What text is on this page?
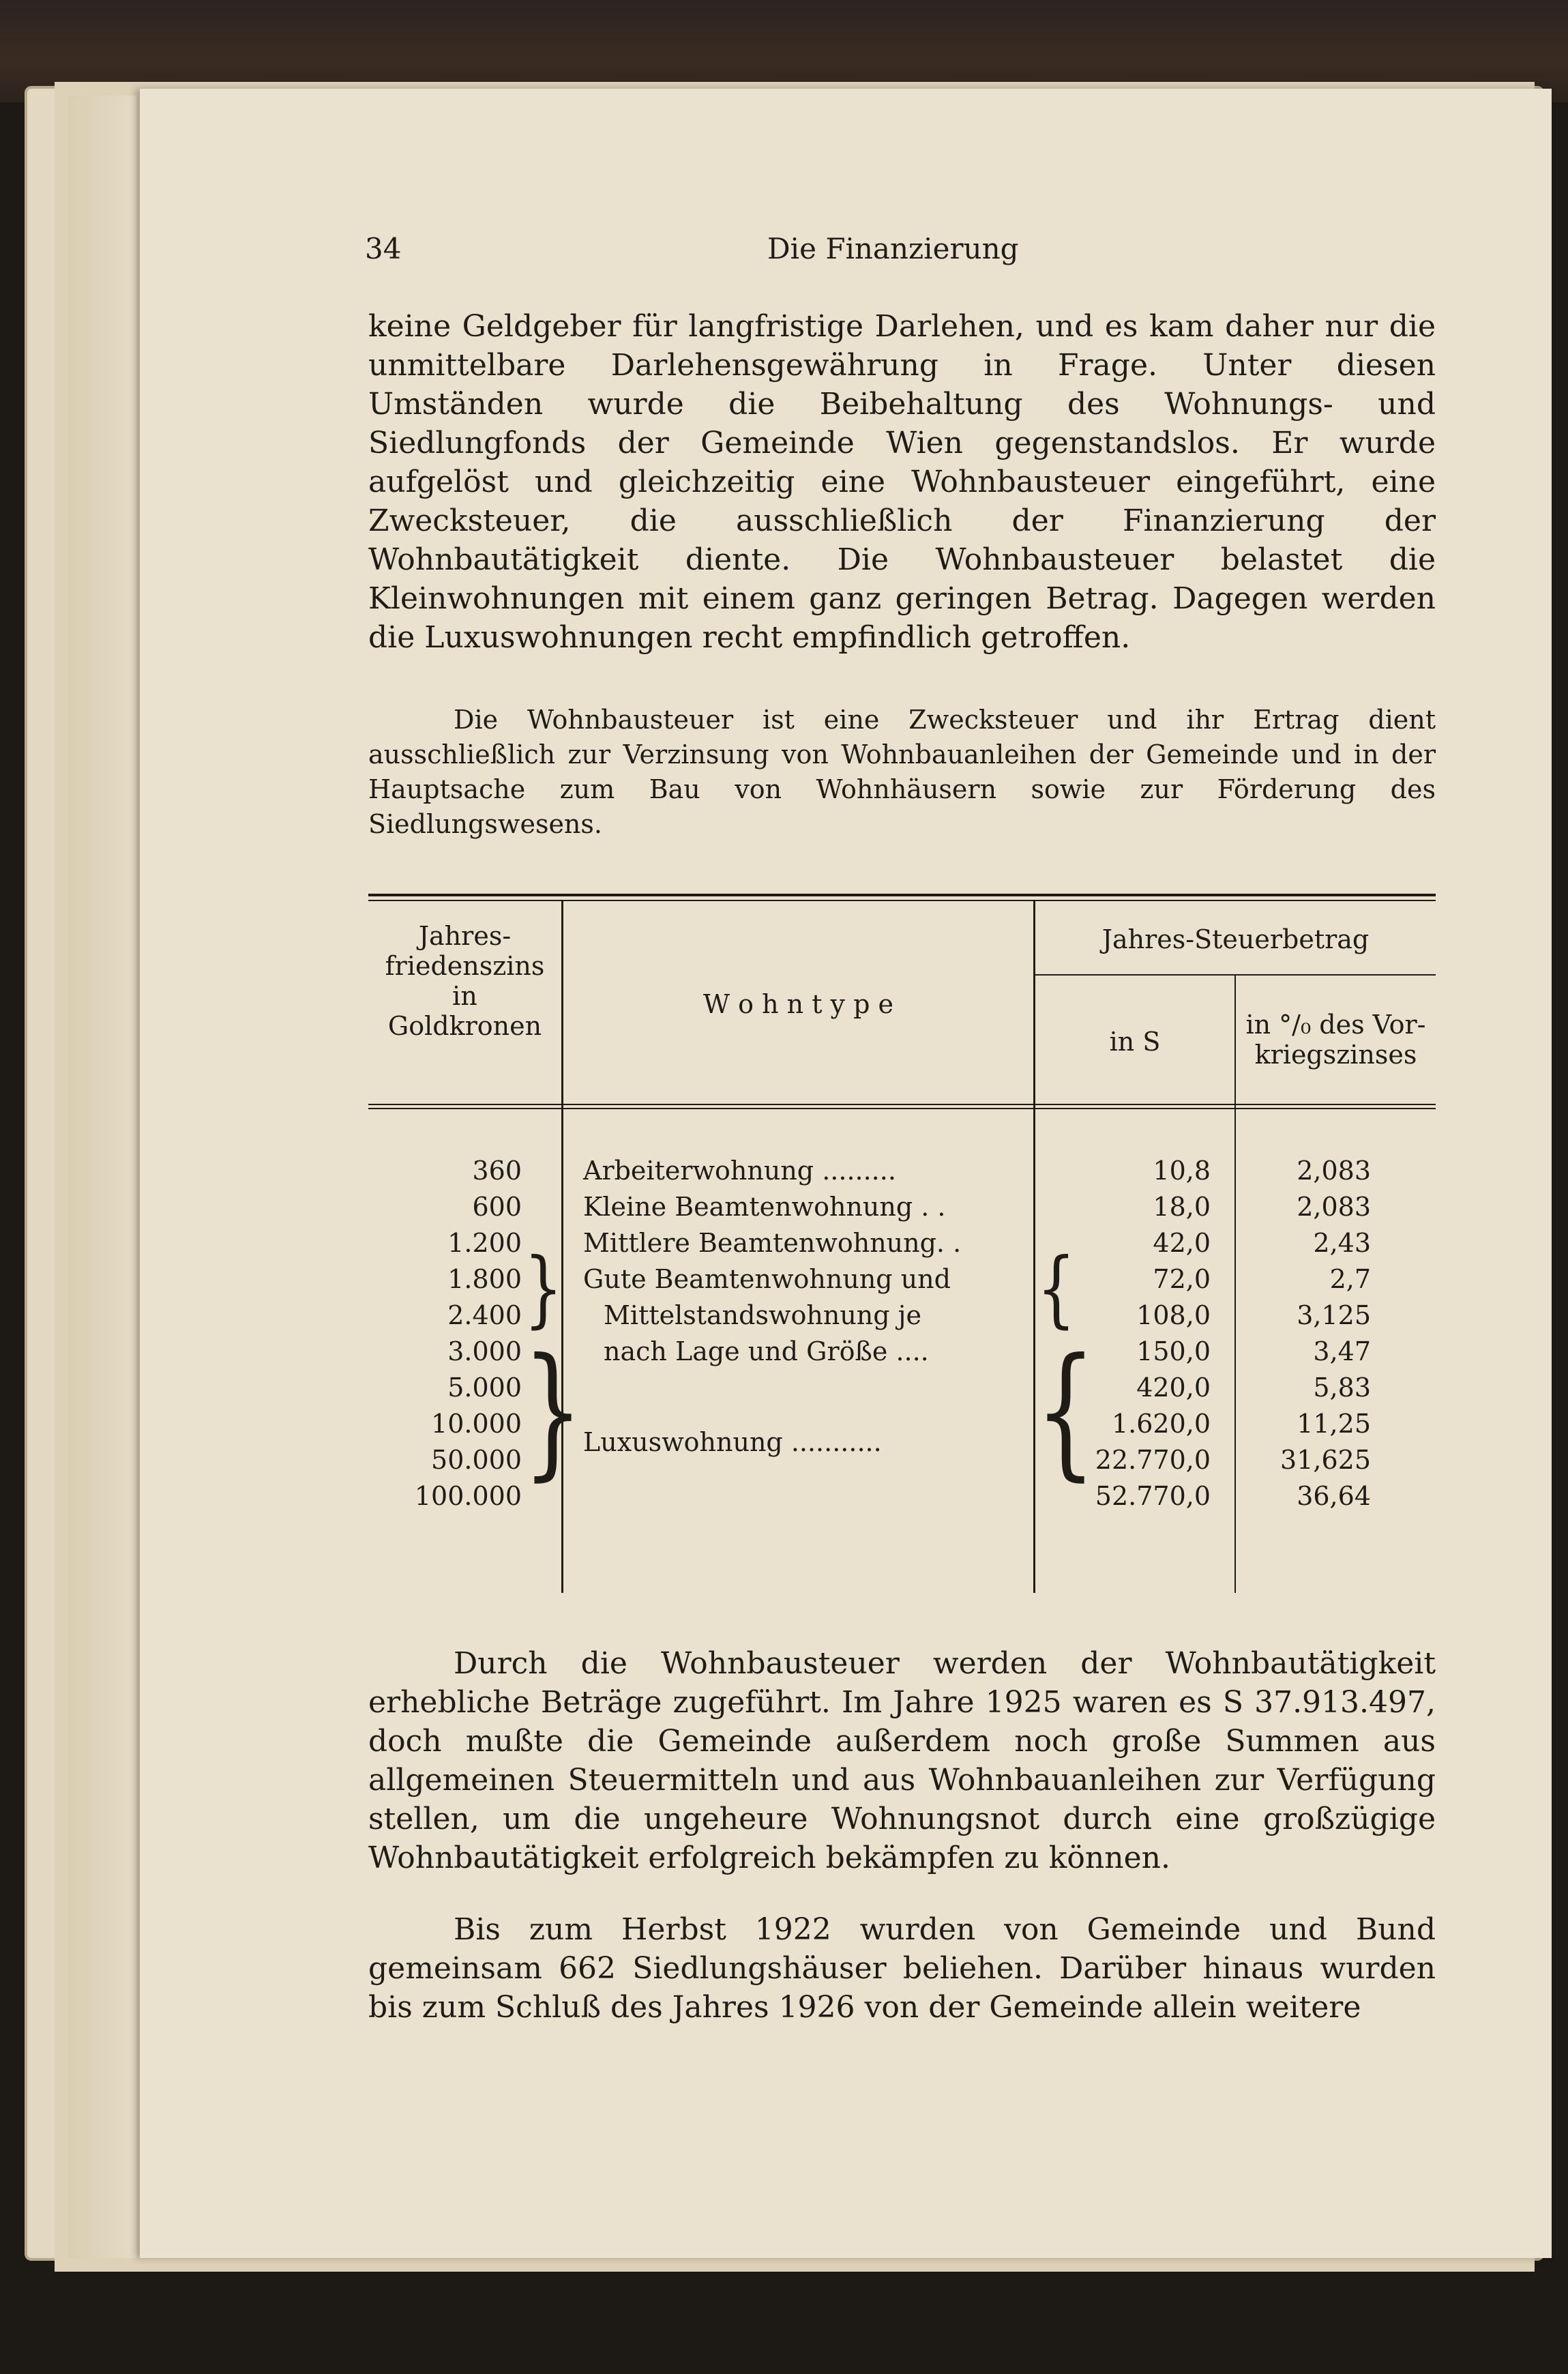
34	Die Finanzierung
keine Geldgeber für langfristige Darlehen, und es kam daher nur die unmittelbare Darlehensgewährung in Frage. Unter diesen Umständen wurde die Beibehaltung des Wohnungs- und Siedlungfonds der Gemeinde Wien gegenstandslos. Er wurde aufgelöst und gleichzeitig eine Wohnbausteuer eingeführt, eine Zwecksteuer, die ausschließlich der Finanzierung der Wohnbautätigkeit diente. Die Wohnbausteuer belastet die Kleinwohnungen mit einem ganz geringen Betrag. Dagegen werden die Luxuswohnungen recht empfindlich getroffen.
Die Wohnbausteuer ist eine Zwecksteuer und ihr Ertrag dient ausschließlich zur Verzinsung von Wohnbauanleihen der Gemeinde und in der Hauptsache zum Bau von Wohnhäusern sowie zur Förderung des Siedlungswesens.
Jahres-
friedenszins
in
Goldkronen
W o h n t y p e
Jahres-Steuerbetrag
in S
in °/₀ des Vor-
kriegszinses
360
600
1.200
1.800
2.400
3.000
5.000
10.000
50.000
100.000
}
}
Arbeiterwohnung .........
Kleine Beamtenwohnung . .
Mittlere Beamtenwohnung. .
Gute Beamtenwohnung und
Mittelstandswohnung je
nach Lage und Größe ....
Luxuswohnung ...........
{
{
10,8
18,0
42,0
72,0
108,0
150,0
420,0
1.620,0
22.770,0
52.770,0
2,083
2,083
2,43
2,7
3,125
3,47
5,83
11,25
31,625
36,64
Durch die Wohnbausteuer werden der Wohnbautätigkeit erhebliche Beträge zugeführt. Im Jahre 1925 waren es S 37.913.497, doch mußte die Gemeinde außerdem noch große Summen aus allgemeinen Steuermitteln und aus Wohnbauanleihen zur Verfügung stellen, um die ungeheure Wohnungsnot durch eine großzügige Wohnbautätigkeit erfolgreich bekämpfen zu können.
Bis zum Herbst 1922 wurden von Gemeinde und Bund gemeinsam 662 Siedlungshäuser beliehen. Darüber hinaus wurden bis zum Schluß des Jahres 1926 von der Gemeinde allein weitere
